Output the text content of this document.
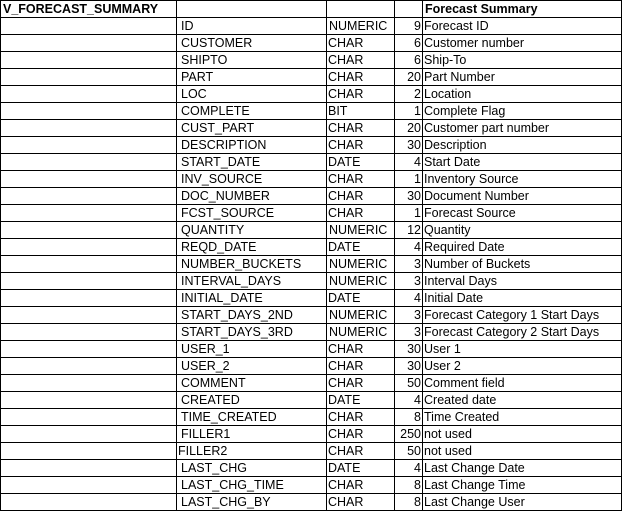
V_FORECAST_SUMMARY				Forecast Summary
	ID	NUMERIC	9	Forecast ID
	CUSTOMER	CHAR	6	Customer number
	SHIPTO	CHAR	6	Ship-To
	PART	CHAR	20	Part Number
	LOC	CHAR	2	Location
	COMPLETE	BIT	1	Complete Flag
	CUST_PART	CHAR	20	Customer part number
	DESCRIPTION	CHAR	30	Description
	START_DATE	DATE	4	Start Date
	INV_SOURCE	CHAR	1	Inventory Source
	DOC_NUMBER	CHAR	30	Document Number
	FCST_SOURCE	CHAR	1	Forecast Source
	QUANTITY	NUMERIC	12	Quantity
	REQD_DATE	DATE	4	Required Date
	NUMBER_BUCKETS	NUMERIC	3	Number of Buckets
	INTERVAL_DAYS	NUMERIC	3	Interval Days
	INITIAL_DATE	DATE	4	Initial Date
	START_DAYS_2ND	NUMERIC	3	Forecast Category 1 Start Days
	START_DAYS_3RD	NUMERIC	3	Forecast Category 2 Start Days
	USER_1	CHAR	30	User 1
	USER_2	CHAR	30	User 2
	COMMENT	CHAR	50	Comment field
	CREATED	DATE	4	Created date
	TIME_CREATED	CHAR	8	Time Created
	FILLER1	CHAR	250	not used
	FILLER2	CHAR	50	not used
	LAST_CHG	DATE	4	Last Change Date
	LAST_CHG_TIME	CHAR	8	Last Change Time
	LAST_CHG_BY	CHAR	8	Last Change User
